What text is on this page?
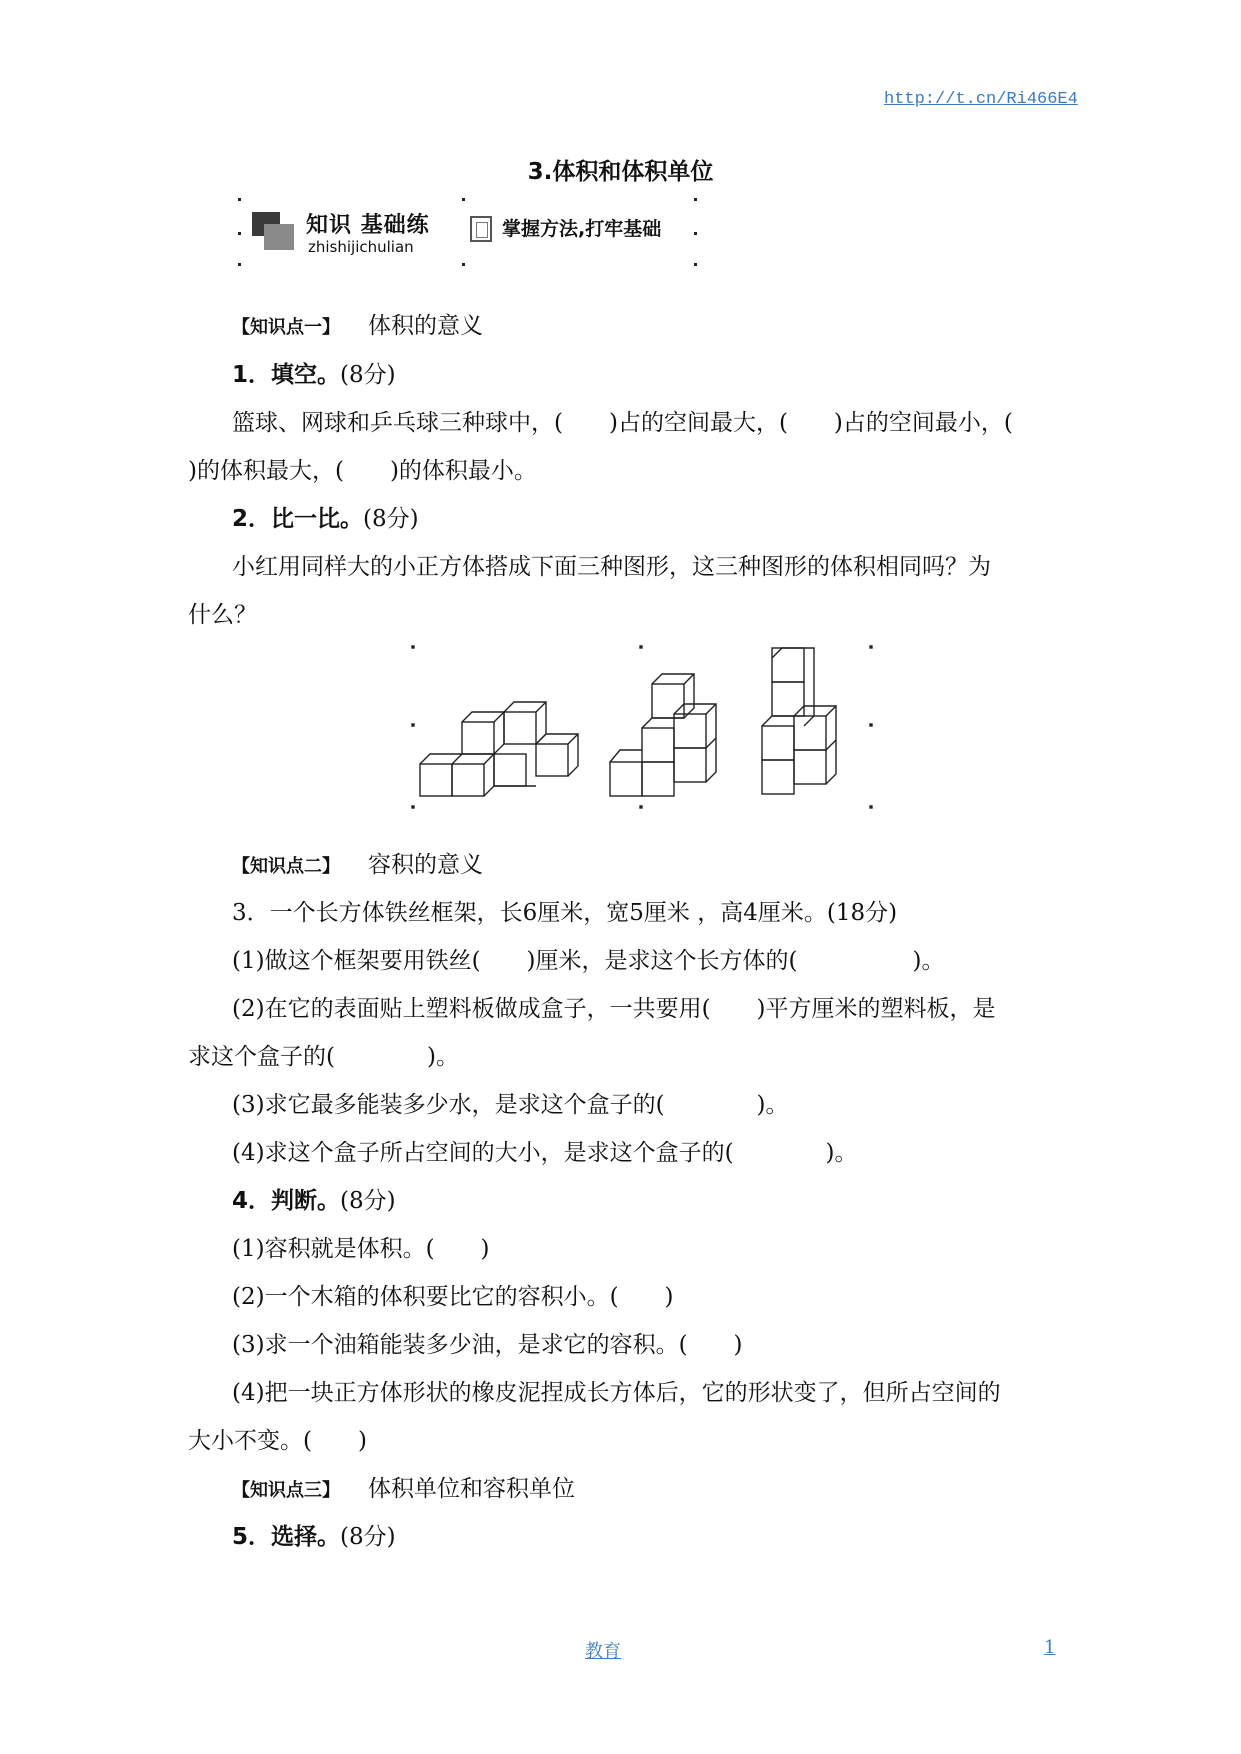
http://t.cn/Ri466E4
3.体积和体积单位
知识 基础练
zhishijichulian
掌握方法,打牢基础
【知识点一】 体积的意义
1．填空。(8分)
篮球、网球和乒乓球三种球中，(　　)占的空间最大，(　　)占的空间最小，(
)的体积最大，(　　)的体积最小。
2．比一比。(8分)
小红用同样大的小正方体搭成下面三种图形，这三种图形的体积相同吗？为
什么？
【知识点二】 容积的意义
3．一个长方体铁丝框架，长6厘米，宽5厘米 ，高4厘米。(18分)
(1)做这个框架要用铁丝(　　)厘米，是求这个长方体的(　　　　　)。
(2)在它的表面贴上塑料板做成盒子，一共要用(　　)平方厘米的塑料板，是
求这个盒子的(　　　　)。
(3)求它最多能装多少水，是求这个盒子的(　　　　)。
(4)求这个盒子所占空间的大小，是求这个盒子的(　　　　)。
4．判断。(8分)
(1)容积就是体积。(　　)
(2)一个木箱的体积要比它的容积小。(　　)
(3)求一个油箱能装多少油，是求它的容积。(　　)
(4)把一块正方体形状的橡皮泥捏成长方体后，它的形状变了，但所占空间的
大小不变。(　　)
【知识点三】 体积单位和容积单位
5．选择。(8分)
教育	1
